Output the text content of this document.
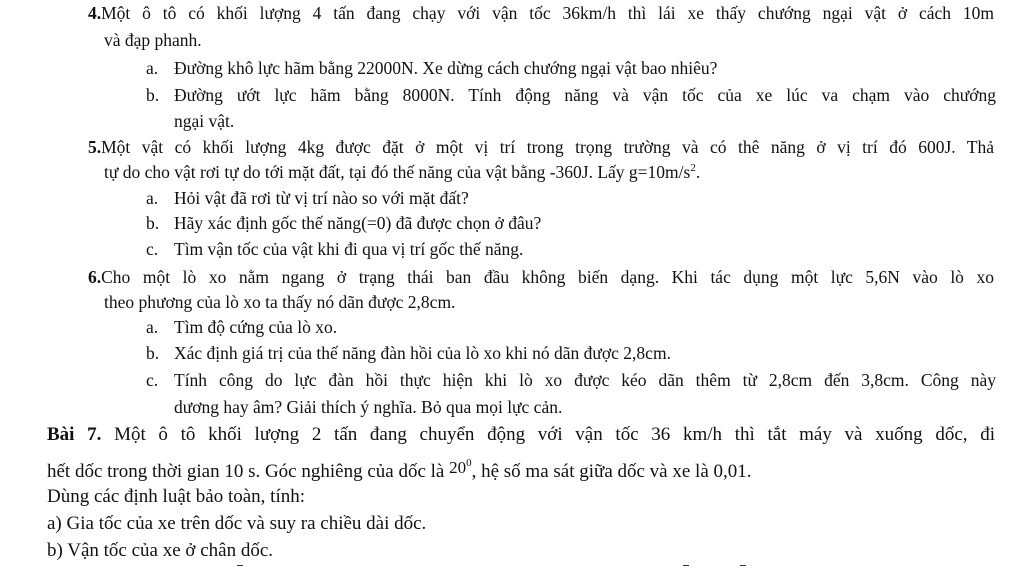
4.Một ô tô có khối lượng 4 tấn đang chạy với vận tốc 36km/h thì lái xe thấy chướng ngại vật ở cách 10m
và đạp phanh.
a. Đường khô lực hãm bằng 22000N. Xe dừng cách chướng ngại vật bao nhiêu?
b. Đường ướt lực hãm bằng 8000N. Tính động năng và vận tốc của xe lúc va chạm vào chướng
ngại vật.
5.Một vật có khối lượng 4kg được đặt ở một vị trí trong trọng trường và có thê năng ở vị trí đó 600J. Thả
tự do cho vật rơi tự do tới mặt đất, tại đó thế năng của vật bằng -360J. Lấy $g=10m/s^2$.
a. Hỏi vật đã rơi từ vị trí nào so với mặt đất?
b. Hãy xác định gốc thế năng(=0) đã được chọn ở đâu?
c. Tìm vận tốc của vật khi đi qua vị trí gốc thế năng.
6.Cho một lò xo nằm ngang ở trạng thái ban đầu không biến dạng. Khi tác dụng một lực 5,6N vào lò xo
theo phương của lò xo ta thấy nó dãn được 2,8cm.
a. Tìm độ cứng của lò xo.
b. Xác định giá trị của thế năng đàn hồi của lò xo khi nó dãn được 2,8cm.
c. Tính công do lực đàn hồi thực hiện khi lò xo được kéo dãn thêm từ 2,8cm đến 3,8cm. Công này
dương hay âm? Giải thích ý nghĩa. Bỏ qua mọi lực cản.
Bài 7. Một ô tô khối lượng 2 tấn đang chuyển động với vận tốc 36 km/h thì tắt máy và xuống dốc, đi
hết dốc trong thời gian 10 s. Góc nghiêng của dốc là $20^0$, hệ số ma sát giữa dốc và xe là 0,01.
Dùng các định luật bảo toàn, tính:
a) Gia tốc của xe trên dốc và suy ra chiều dài dốc.
b) Vận tốc của xe ở chân dốc.
